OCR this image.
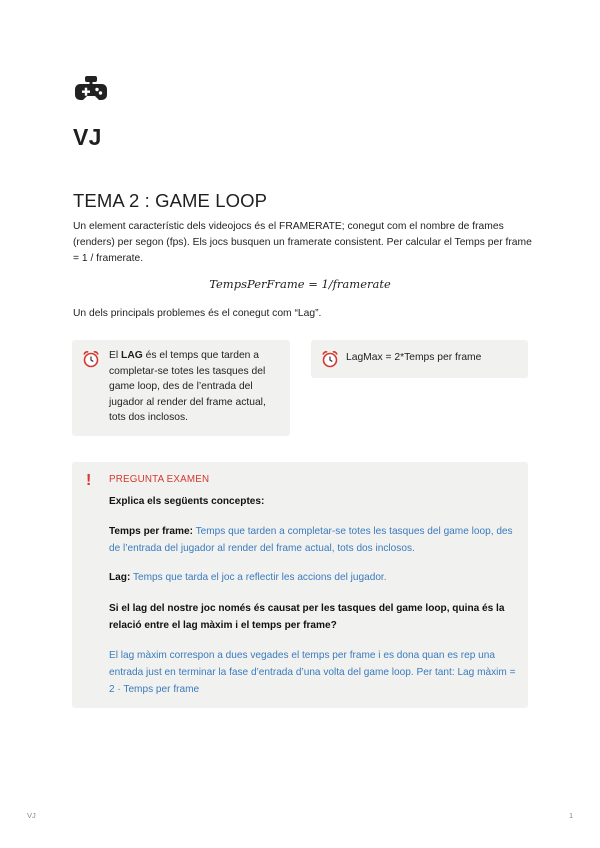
VJ
TEMA 2 : GAME LOOP
Un element característic dels videojocs és el FRAMERATE; conegut com el nombre de frames (renders) per segon (fps). Els jocs busquen un framerate consistent. Per calcular el Temps per frame = 1 / framerate.
TempsPerFrame = 1/framerate
Un dels principals problemes és el conegut com “Lag”.
El LAG és el temps que tarden a completar-se totes les tasques del game loop, des de l’entrada del jugador al render del frame actual, tots dos inclosos.
LagMax = 2*Temps per frame
! PREGUNTA EXAMEN
Explica els següents conceptes:
Temps per frame: Temps que tarden a completar-se totes les tasques del game loop, des de l’entrada del jugador al render del frame actual, tots dos inclosos.
Lag: Temps que tarda el joc a reflectir les accions del jugador.
Si el lag del nostre joc només és causat per les tasques del game loop, quina és la relació entre el lag màxim i el temps per frame?
El lag màxim correspon a dues vegades el temps per frame i es dona quan es rep una entrada just en terminar la fase d’entrada d’una volta del game loop. Per tant: Lag màxim = 2 · Temps per frame
VJ	1
